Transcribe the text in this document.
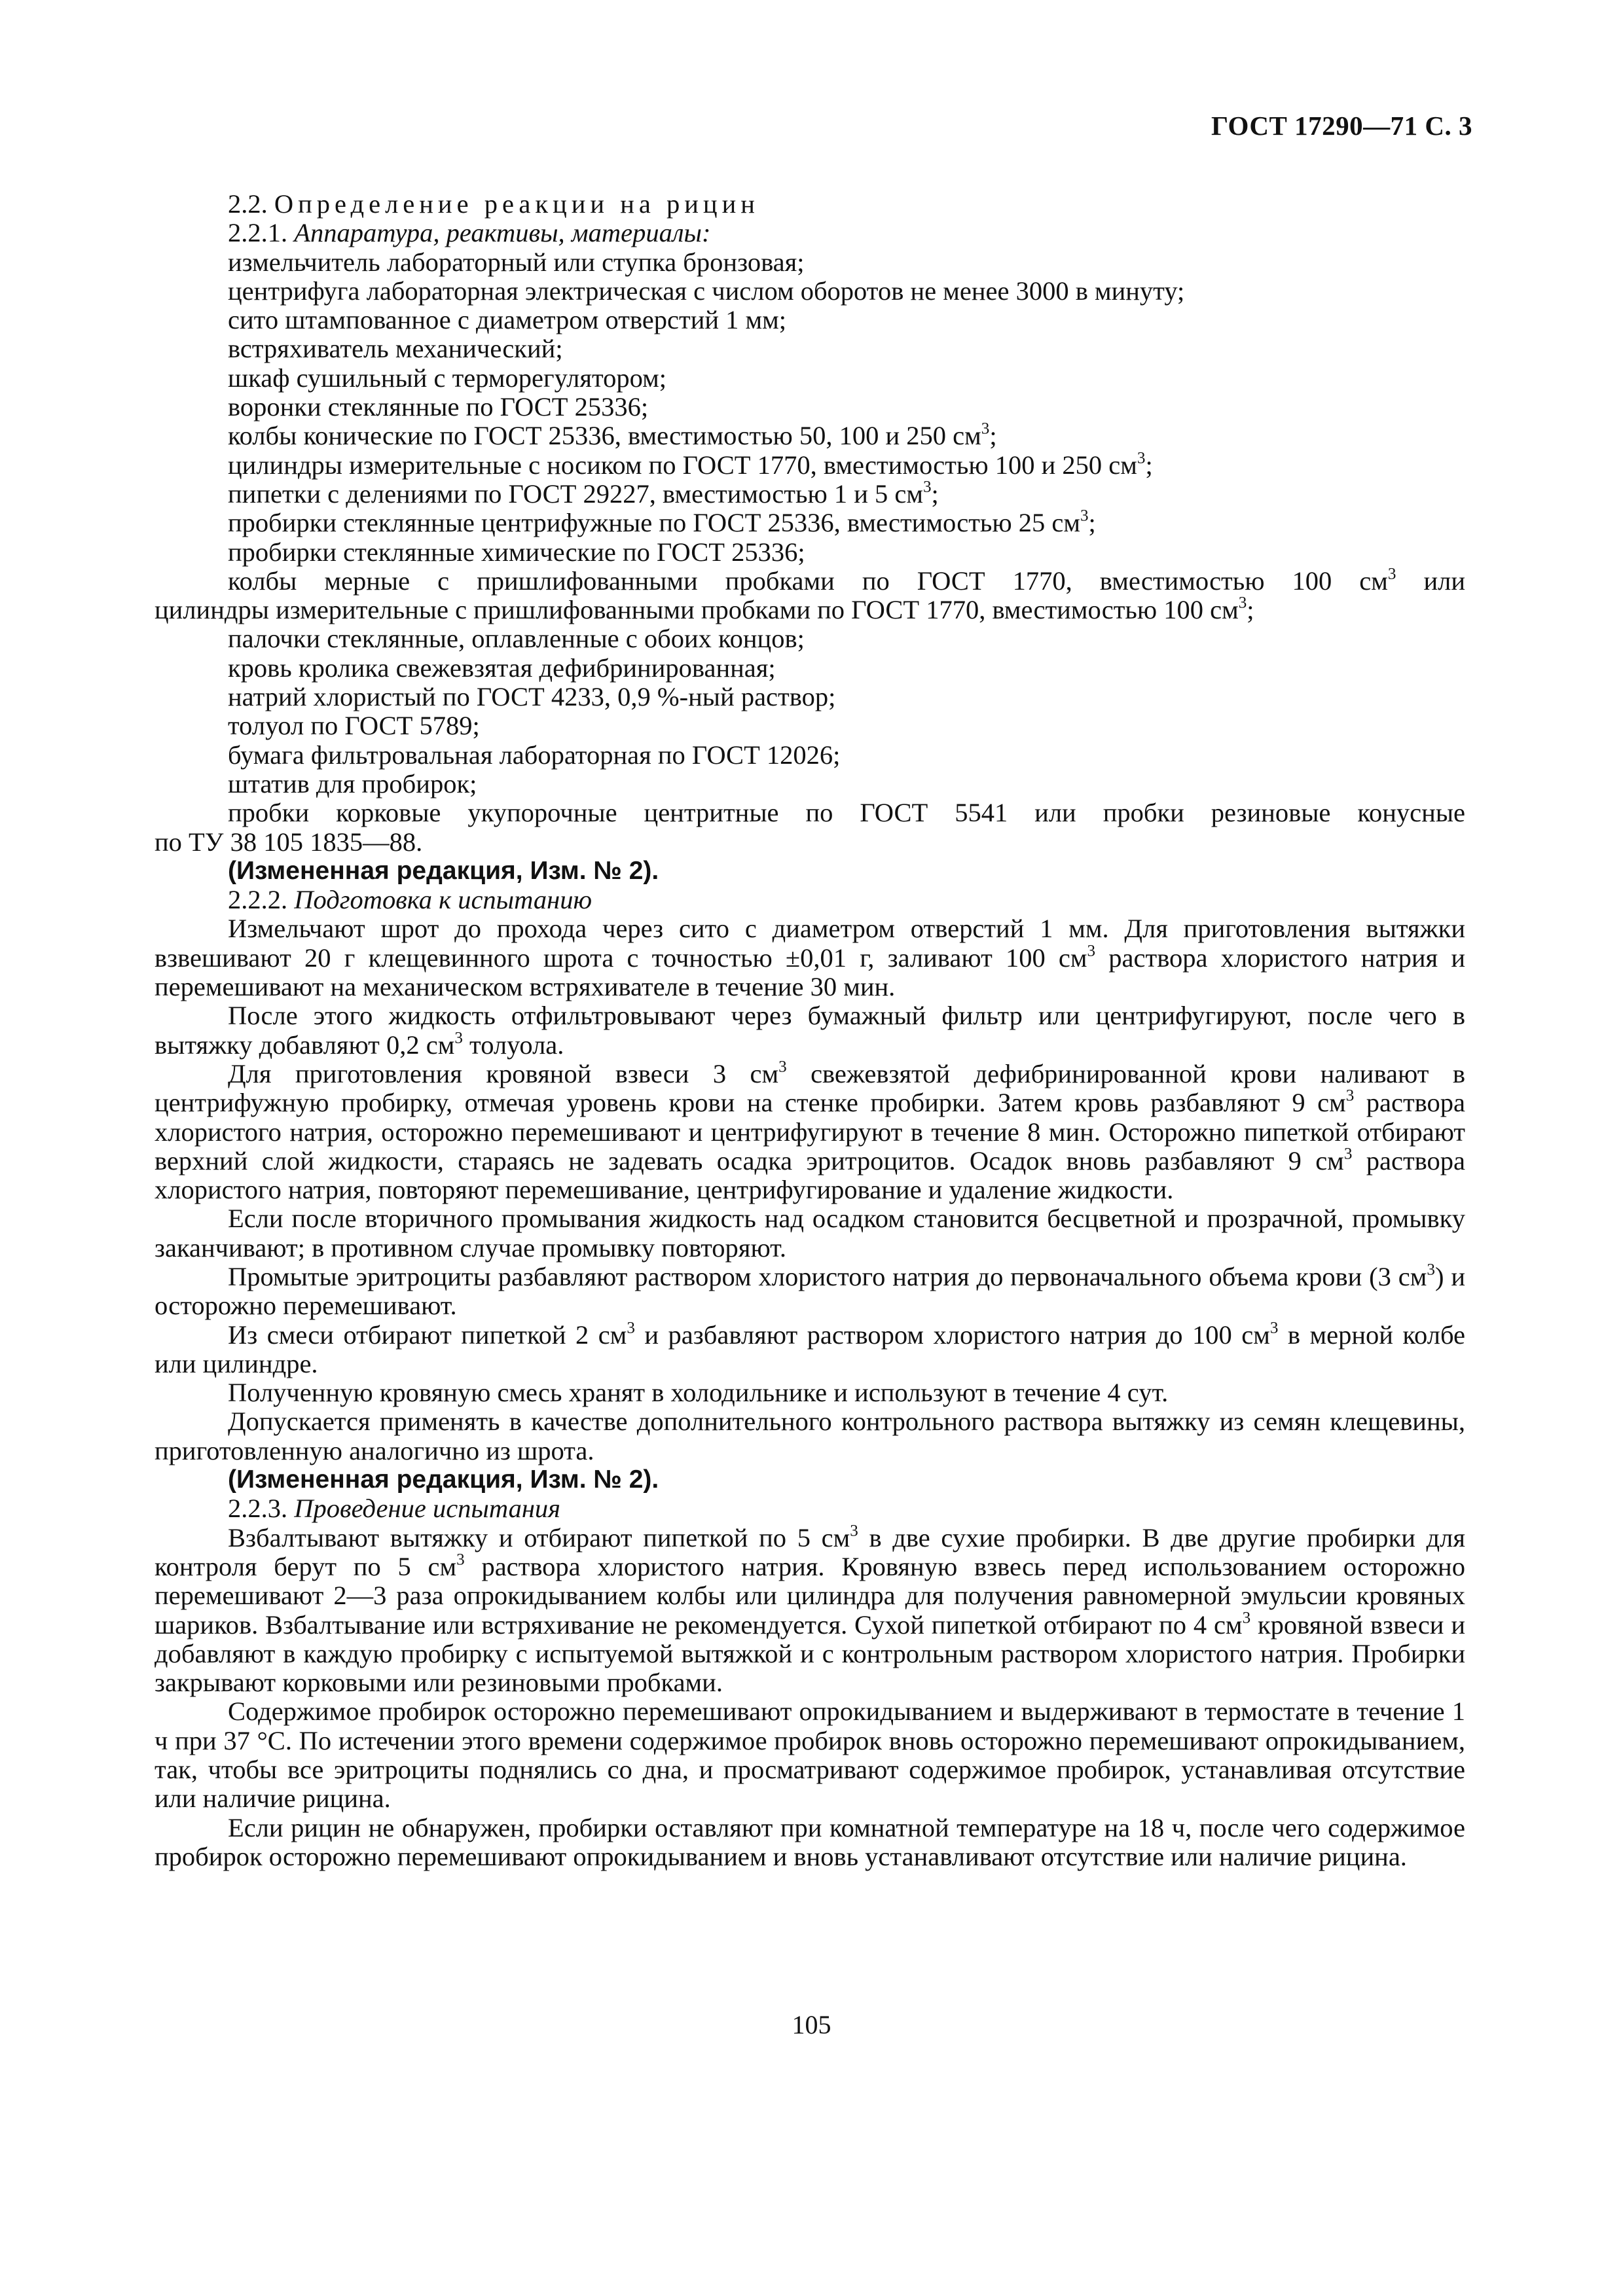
ГОСТ 17290—71 С. 3

2.2. Определение реакции на рицин

2.2.1. Аппаратура, реактивы, материалы:

измельчитель лабораторный или ступка бронзовая;

центрифуга лабораторная электрическая с числом оборотов не менее 3000 в минуту;

сито штампованное с диаметром отверстий 1 мм;

встряхиватель механический;

шкаф сушильный с терморегулятором;

воронки стеклянные по ГОСТ 25336;

колбы конические по ГОСТ 25336, вместимостью 50, 100 и 250 $см^3$;

цилиндры измерительные с носиком по ГОСТ 1770, вместимостью 100 и 250 $см^3$;

пипетки с делениями по ГОСТ 29227, вместимостью 1 и 5 $см^3$;

пробирки стеклянные центрифужные по ГОСТ 25336, вместимостью 25 $см^3$;

пробирки стеклянные химические по ГОСТ 25336;

колбы мерные с пришлифованными пробками по ГОСТ 1770, вместимостью 100 $см^3$ или

цилиндры измерительные с пришлифованными пробками по ГОСТ 1770, вместимостью 100 $см^3$;

палочки стеклянные, оплавленные с обоих концов;

кровь кролика свежевзятая дефибринированная;

натрий хлористый по ГОСТ 4233, 0,9 %-ный раствор;

толуол по ГОСТ 5789;

бумага фильтровальная лабораторная по ГОСТ 12026;

штатив для пробирок;

пробки корковые укупорочные центритные по ГОСТ 5541 или пробки резиновые конусные

по ТУ 38 105 1835—88.

(Измененная редакция, Изм. № 2).

2.2.2. Подготовка к испытанию

Измельчают шрот до прохода через сито с диаметром отверстий 1 мм. Для приготовления вытяжки взвешивают 20 г клещевинного шрота с точностью ±0,01 г, заливают 100 $см^3$ раствора хлористого натрия и перемешивают на механическом встряхивателе в течение 30 мин.

После этого жидкость отфильтровывают через бумажный фильтр или центрифугируют, после чего в вытяжку добавляют 0,2 $см^3$ толуола.

Для приготовления кровяной взвеси 3 $см^3$ свежевзятой дефибринированной крови наливают в центрифужную пробирку, отмечая уровень крови на стенке пробирки. Затем кровь разбавляют 9 $см^3$ раствора хлористого натрия, осторожно перемешивают и центрифугируют в течение 8 мин. Осторожно пипеткой отбирают верхний слой жидкости, стараясь не задевать осадка эритроцитов. Осадок вновь разбавляют 9 $см^3$ раствора хлористого натрия, повторяют перемешивание, центрифугирование и удаление жидкости.

Если после вторичного промывания жидкость над осадком становится бесцветной и прозрачной, промывку заканчивают; в противном случае промывку повторяют.

Промытые эритроциты разбавляют раствором хлористого натрия до первоначального объема крови (3 $см^3$) и осторожно перемешивают.

Из смеси отбирают пипеткой 2 $см^3$ и разбавляют раствором хлористого натрия до 100 $см^3$ в мерной колбе или цилиндре.

Полученную кровяную смесь хранят в холодильнике и используют в течение 4 сут.

Допускается применять в качестве дополнительного контрольного раствора вытяжку из семян клещевины, приготовленную аналогично из шрота.

(Измененная редакция, Изм. № 2).

2.2.3. Проведение испытания

Взбалтывают вытяжку и отбирают пипеткой по 5 $см^3$ в две сухие пробирки. В две другие пробирки для контроля берут по 5 $см^3$ раствора хлористого натрия. Кровяную взвесь перед использованием осторожно перемешивают 2—3 раза опрокидыванием колбы или цилиндра для получения равномерной эмульсии кровяных шариков. Взбалтывание или встряхивание не рекомендуется. Сухой пипеткой отбирают по 4 $см^3$ кровяной взвеси и добавляют в каждую пробирку с испытуемой вытяжкой и с контрольным раствором хлористого натрия. Пробирки закрывают корковыми или резиновыми пробками.

Содержимое пробирок осторожно перемешивают опрокидыванием и выдерживают в термостате в течение 1 ч при 37 °С. По истечении этого времени содержимое пробирок вновь осторожно перемешивают опрокидыванием, так, чтобы все эритроциты поднялись со дна, и просматривают содержимое пробирок, устанавливая отсутствие или наличие рицина.

Если рицин не обнаружен, пробирки оставляют при комнатной температуре на 18 ч, после чего содержимое пробирок осторожно перемешивают опрокидыванием и вновь устанавливают отсутствие или наличие рицина.

105
